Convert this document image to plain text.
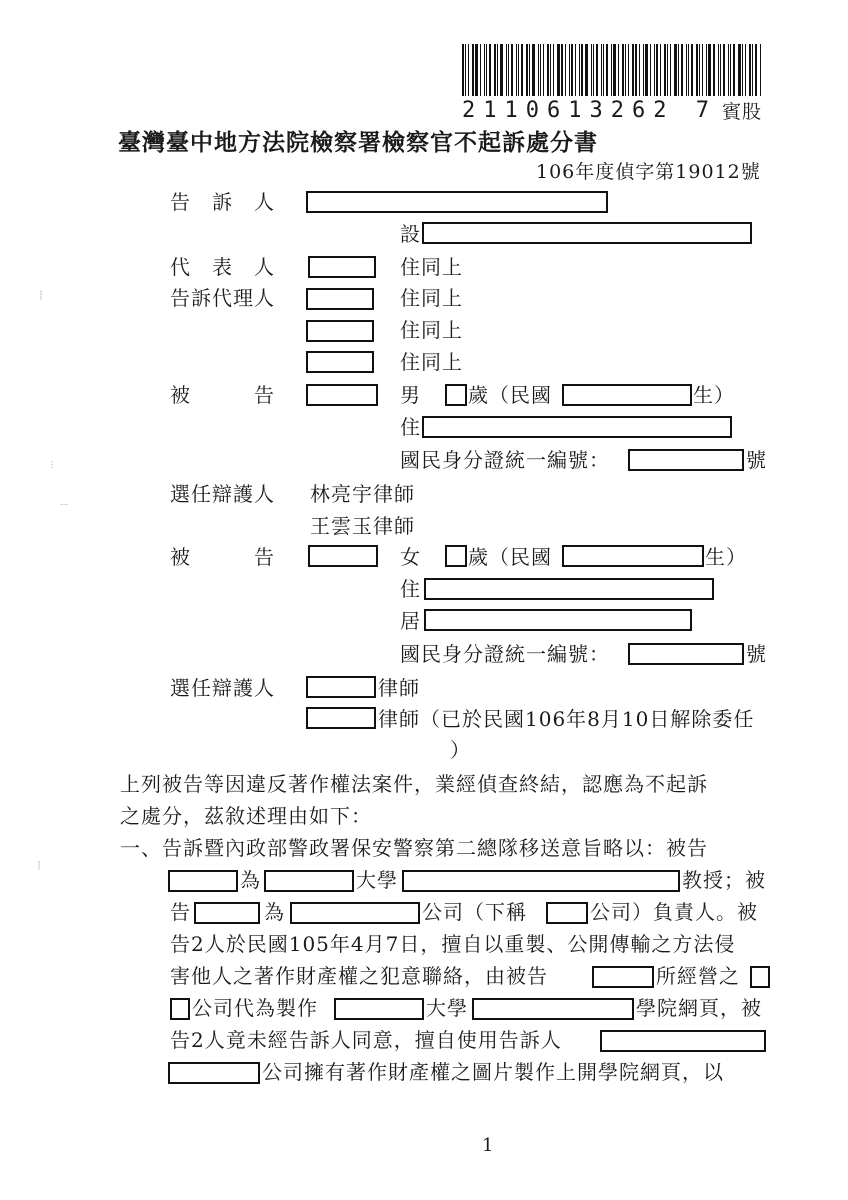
2110613262 7 賓股
臺灣臺中地方法院檢察署檢察官不起訴處分書
106年度偵字第19012號
⸽
⋮
⋯
⸽
告　訴　人
設
代　表　人	住同上
告訴代理人	住同上
住同上
住同上
被　　　告	男 歲（民國	生）
住
國民身分證統一編號：	號
選任辯護人 林亮宇律師
王雲玉律師
被　　　告	女 歲（民國	生）
住
居
國民身分證統一編號：	號
選任辯護人	律師
律師（已於民國106年8月10日解除委任
）
上列被告等因違反著作權法案件，業經偵查終結，認應為不起訴
之處分，茲敘述理由如下：
一、告訴暨內政部警政署保安警察第二總隊移送意旨略以：被告
為	大學	教授；被
告	為	公司（下稱	公司）負責人。被
告2人於民國105年4月7日，擅自以重製、公開傳輸之方法侵
害他人之著作財產權之犯意聯絡，由被告	所經營之
公司代為製作	大學	學院網頁，被
告2人竟未經告訴人同意，擅自使用告訴人
公司擁有著作財產權之圖片製作上開學院網頁，以
1
